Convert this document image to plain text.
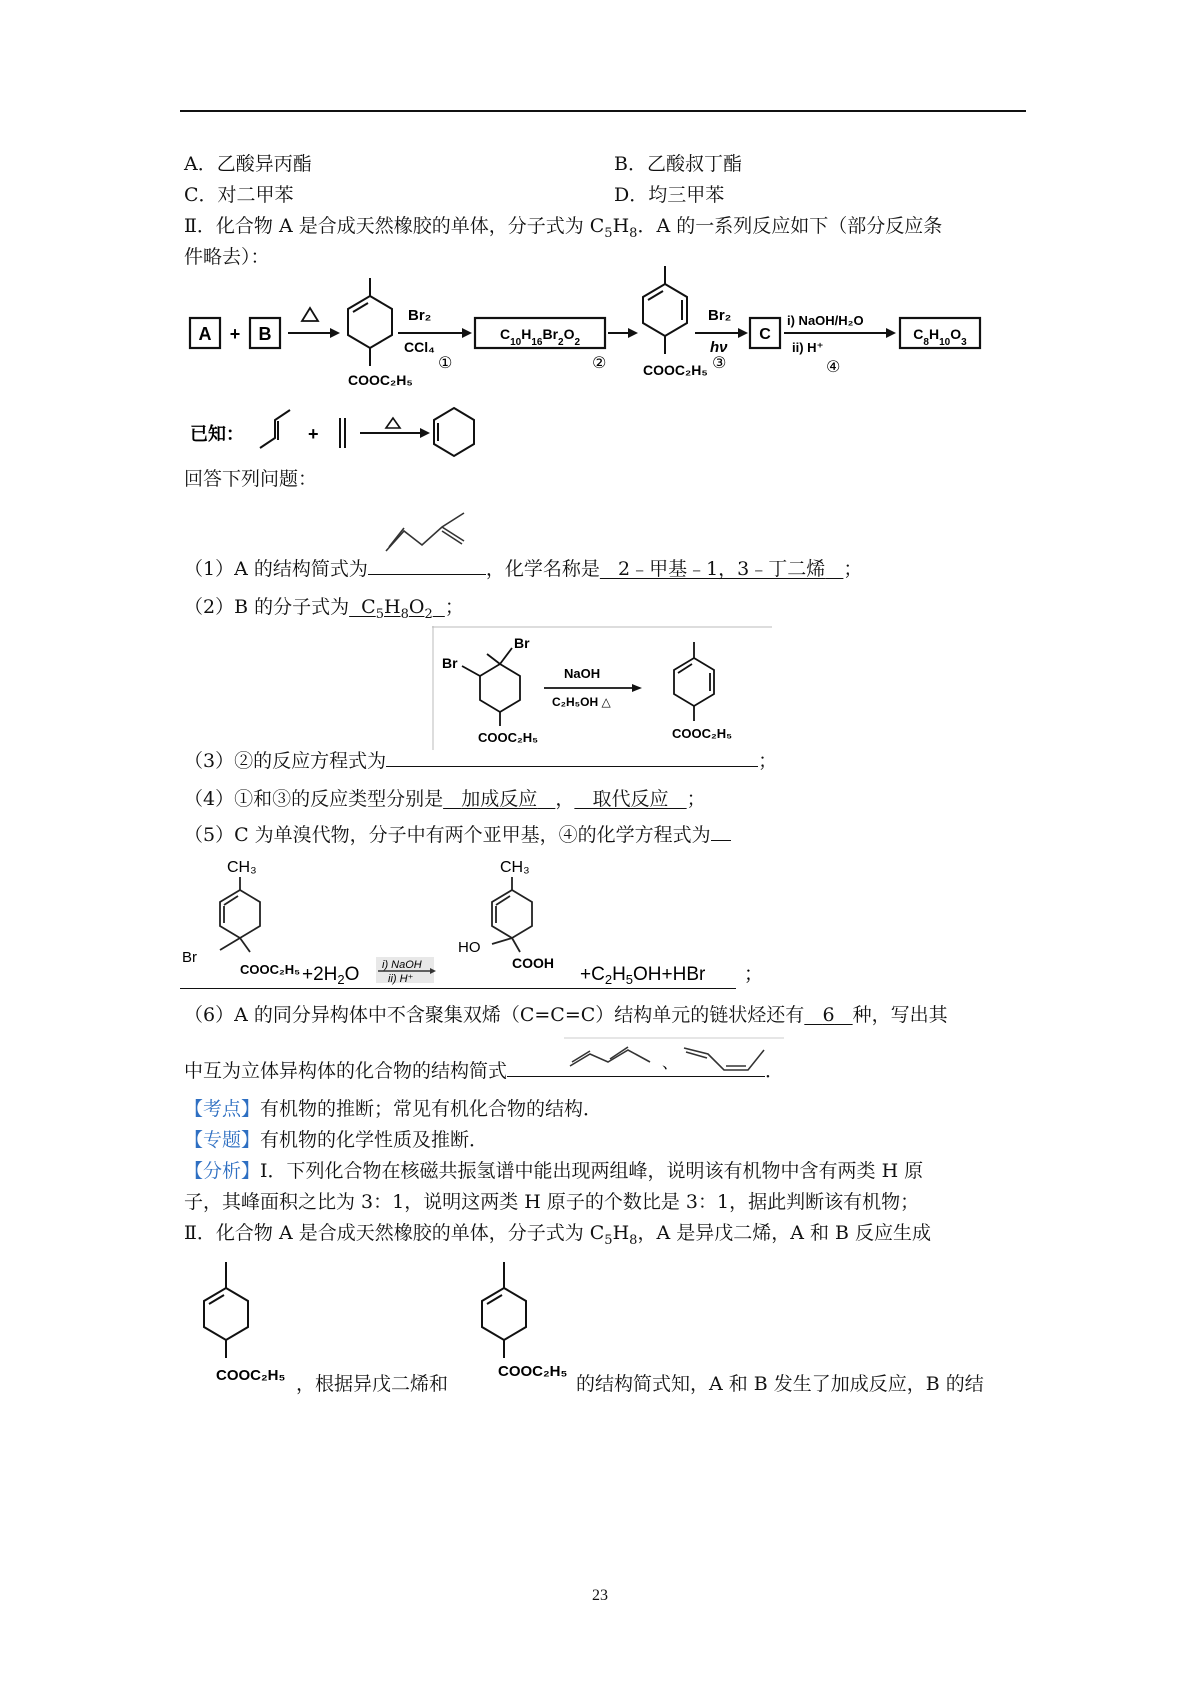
A．乙酸异丙酯	B．乙酸叔丁酯
C．对二甲苯	D．均三甲苯
Ⅱ．化合物 A 是合成天然橡胶的单体，分子式为 $C_5H_8$．A 的一系列反应如下（部分反应条
件略去）：
A + B
COOC₂H₅
Br₂
CCl₄
①
$C_{10}H_{16}Br_2O_2$
②	COOC₂H₅
Br₂
hν
③
C
i) NaOH/H₂O
ii) H⁺
④
$C_8H_{10}O_3$
已知：	+
回答下列问题：
（1）A 的结构简式为	，化学名称是 2﹣甲基﹣1，3﹣丁二烯 ；
（2）B 的分子式为  $C_5H_8O_2$ ；
（3）②的反应方程式为	；
Br
Br
COOC₂H₅
NaOH
C₂H₅OH △
COOC₂H₅
（4）①和③的反应类型分别是 加成反应 ， 取代反应 ；
（5）C 为单溴代物，分子中有两个亚甲基，④的化学方程式为
CH₃
Br
COOC₂H₅ $+2H_2O$ i) NaOH
ii) H⁺
CH₃
HO
COOH
$+C_2H_5OH+HBr$ ；
（6）A 的同分异构体中不含聚集双烯（C=C=C）结构单元的链状烃还有 6 种，写出其
中互为立体异构体的化合物的结构简式	．
、
【考点】有机物的推断；常见有机化合物的结构．
【专题】有机物的化学性质及推断．
【分析】Ⅰ．下列化合物在核磁共振氢谱中能出现两组峰，说明该有机物中含有两类 H 原
子，其峰面积之比为 3：1，说明这两类 H 原子的个数比是 3：1，据此判断该有机物；
Ⅱ．化合物 A 是合成天然橡胶的单体，分子式为 $C_5H_8$，A 是异戊二烯，A 和 B 反应生成
COOC₂H₅	COOC₂H₅
，根据异戊二烯和	的结构简式知，A 和 B 发生了加成反应，B 的结
23
